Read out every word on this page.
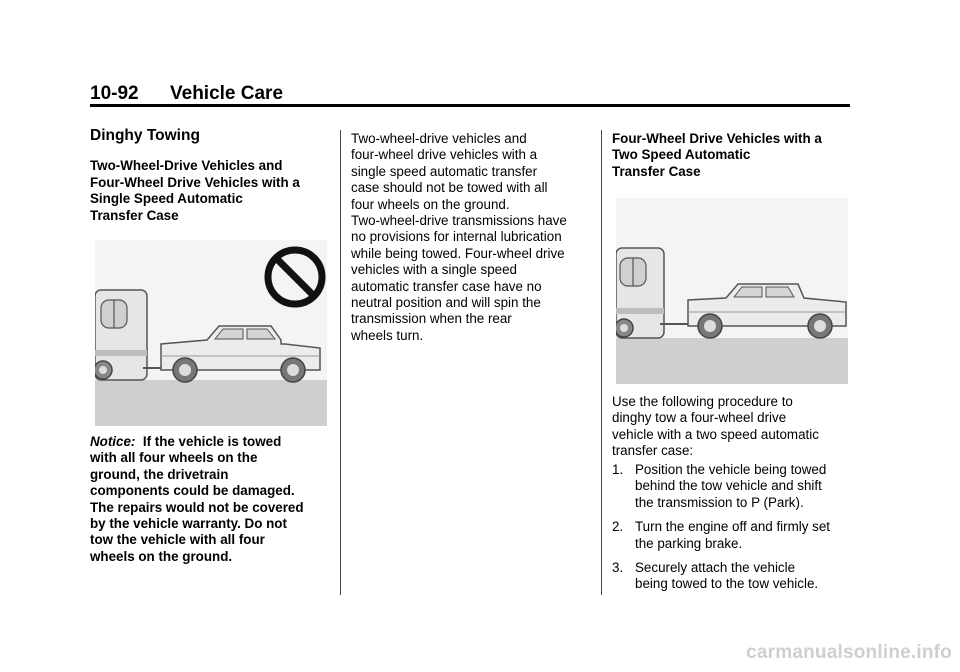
10-92 Vehicle Care
Dinghy Towing
Two-Wheel-Drive Vehicles and
Four-Wheel Drive Vehicles with a
Single Speed Automatic
Transfer Case
Notice: If the vehicle is towed
with all four wheels on the
ground, the drivetrain
components could be damaged.
The repairs would not be covered
by the vehicle warranty. Do not
tow the vehicle with all four
wheels on the ground.
Two-wheel-drive vehicles and
four-wheel drive vehicles with a
single speed automatic transfer
case should not be towed with all
four wheels on the ground.
Two-wheel-drive transmissions have
no provisions for internal lubrication
while being towed. Four-wheel drive
vehicles with a single speed
automatic transfer case have no
neutral position and will spin the
transmission when the rear
wheels turn.
Four-Wheel Drive Vehicles with a
Two Speed Automatic
Transfer Case
Use the following procedure to
dinghy tow a four-wheel drive
vehicle with a two speed automatic
transfer case:
1. Position the vehicle being towed
behind the tow vehicle and shift
the transmission to P (Park).
2. Turn the engine off and firmly set
the parking brake.
3. Securely attach the vehicle
being towed to the tow vehicle.
carmanualsonline.info
